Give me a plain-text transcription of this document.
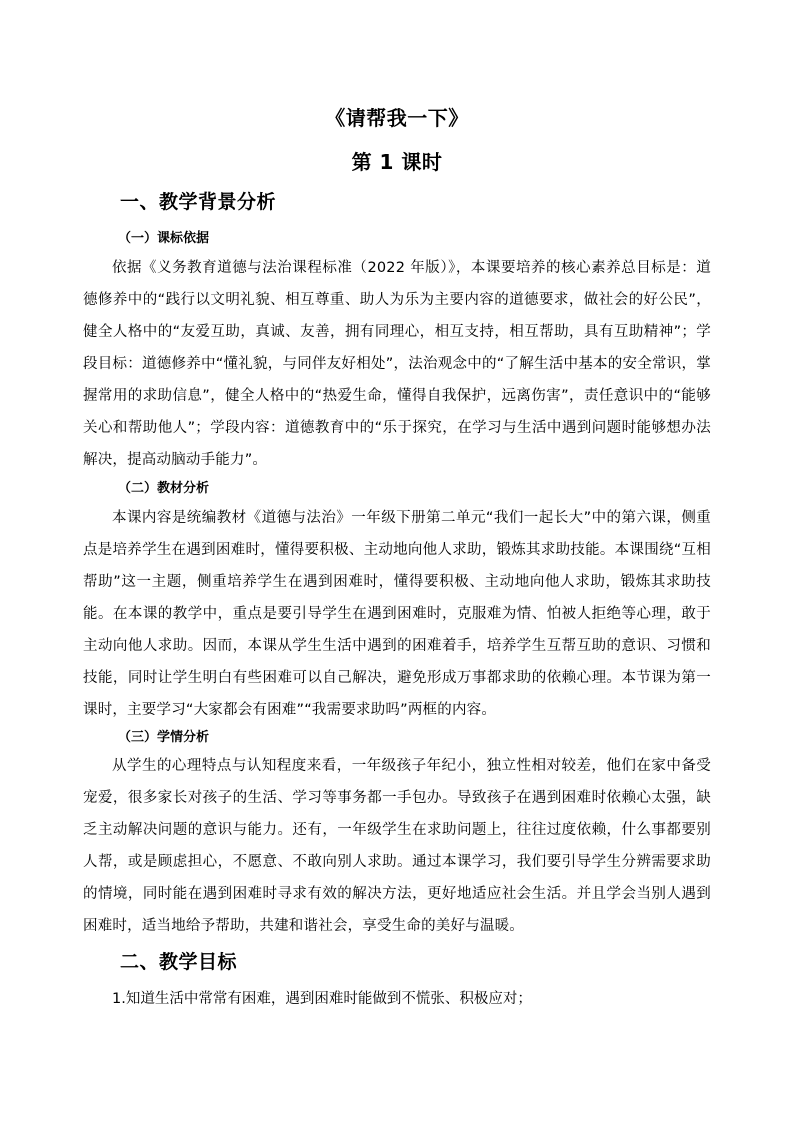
《请帮我一下》
第 1 课时
一、教学背景分析
（一）课标依据
依据《义务教育道德与法治课程标准（2022 年版）》，本课要培养的核心素养总目标是：道德修养中的“践行以文明礼貌、相互尊重、助人为乐为主要内容的道德要求，做社会的好公民”，健全人格中的“友爱互助，真诚、友善，拥有同理心，相互支持，相互帮助，具有互助精神”；学段目标：道德修养中“懂礼貌，与同伴友好相处”，法治观念中的“了解生活中基本的安全常识，掌握常用的求助信息”，健全人格中的“热爱生命，懂得自我保护，远离伤害”，责任意识中的“能够关心和帮助他人”；学段内容：道德教育中的“乐于探究，在学习与生活中遇到问题时能够想办法解决，提高动脑动手能力”。
（二）教材分析
本课内容是统编教材《道德与法治》一年级下册第二单元“我们一起长大”中的第六课，侧重点是培养学生在遇到困难时，懂得要积极、主动地向他人求助，锻炼其求助技能。本课围绕“互相帮助”这一主题，侧重培养学生在遇到困难时，懂得要积极、主动地向他人求助，锻炼其求助技能。在本课的教学中，重点是要引导学生在遇到困难时，克服难为情、怕被人拒绝等心理，敢于主动向他人求助。因而，本课从学生生活中遇到的困难着手，培养学生互帮互助的意识、习惯和技能，同时让学生明白有些困难可以自己解决，避免形成万事都求助的依赖心理。本节课为第一课时，主要学习“大家都会有困难”“我需要求助吗”两框的内容。
（三）学情分析
从学生的心理特点与认知程度来看，一年级孩子年纪小，独立性相对较差，他们在家中备受宠爱，很多家长对孩子的生活、学习等事务都一手包办。导致孩子在遇到困难时依赖心太强，缺乏主动解决问题的意识与能力。还有，一年级学生在求助问题上，往往过度依赖，什么事都要别人帮，或是顾虑担心，不愿意、不敢向别人求助。通过本课学习，我们要引导学生分辨需要求助的情境，同时能在遇到困难时寻求有效的解决方法，更好地适应社会生活。并且学会当别人遇到困难时，适当地给予帮助，共建和谐社会，享受生命的美好与温暖。
二、教学目标
1.知道生活中常常有困难，遇到困难时能做到不慌张、积极应对；
